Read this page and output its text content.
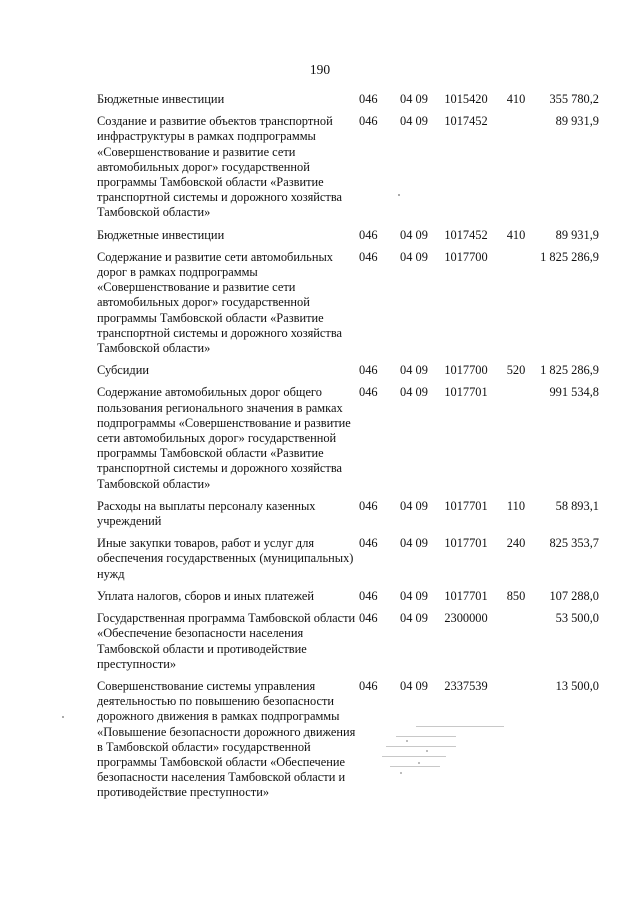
190
Бюджетные инвестиции	046	04 09	1015420	410	355 780,2
Создание и развитие объектов транспортной инфраструктуры в рамках подпрограммы «Совершенствование и развитие сети автомобильных дорог» государственной программы Тамбовской области «Развитие транспортной системы и дорожного хозяйства Тамбовской области»	046	04 09	1017452		89 931,9
Бюджетные инвестиции	046	04 09	1017452	410	89 931,9
Содержание и развитие сети автомобильных дорог в рамках подпрограммы «Совершенствование и развитие сети автомобильных дорог» государственной программы Тамбовской области «Развитие транспортной системы и дорожного хозяйства Тамбовской области»	046	04 09	1017700		1 825 286,9
Субсидии	046	04 09	1017700	520	1 825 286,9
Содержание автомобильных дорог общего пользования регионального значения в рамках подпрограммы «Совершенствование и развитие сети автомобильных дорог» государственной программы Тамбовской области «Развитие транспортной системы и дорожного хозяйства Тамбовской области»	046	04 09	1017701		991 534,8
Расходы на выплаты персоналу казенных учреждений	046	04 09	1017701	110	58 893,1
Иные закупки товаров, работ и услуг для обеспечения государственных (муниципальных) нужд	046	04 09	1017701	240	825 353,7
Уплата налогов, сборов и иных платежей	046	04 09	1017701	850	107 288,0
Государственная программа Тамбовской области «Обеспечение безопасности населения Тамбовской области и противодействие преступности»	046	04 09	2300000		53 500,0
Совершенствование системы управления деятельностью по повышению безопасности дорожного движения в рамках подпрограммы «Повышение безопасности дорожного движения в Тамбовской области» государственной программы Тамбовской области «Обеспечение безопасности населения Тамбовской области и противодействие преступности»	046	04 09	2337539		13 500,0
